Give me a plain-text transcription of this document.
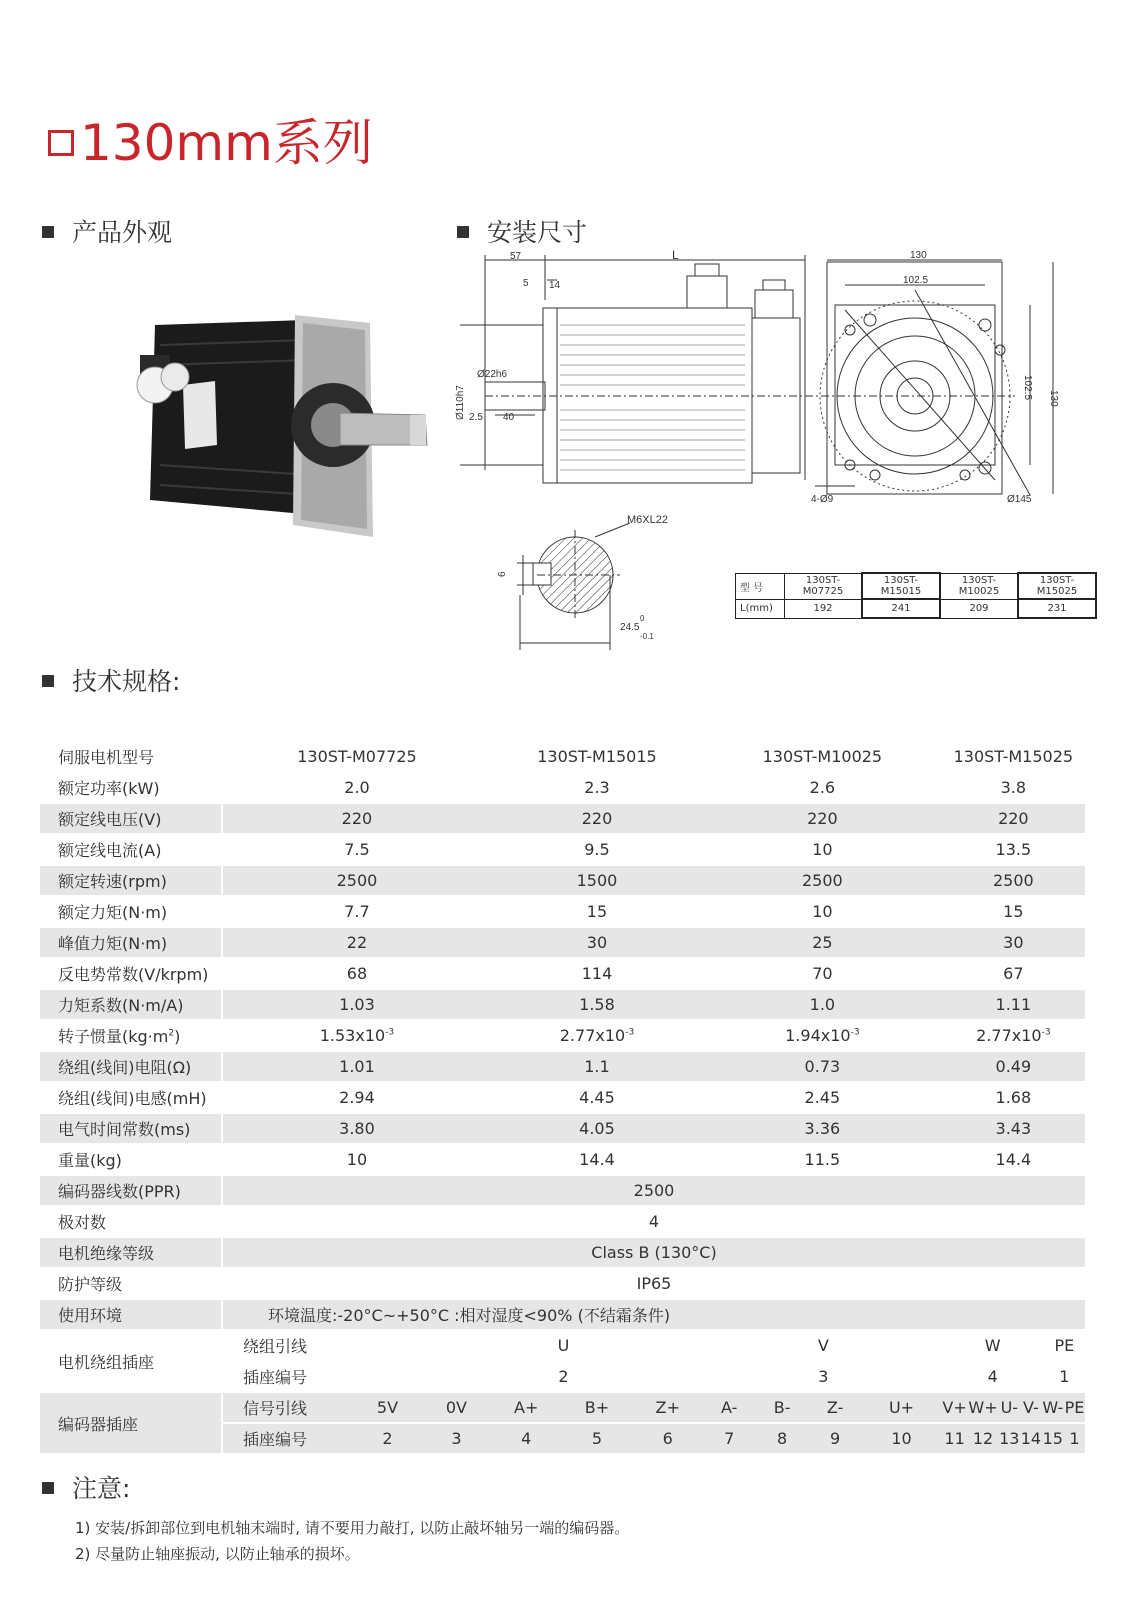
130mm系列
产品外观	安装尺寸
技术规格:
注意:
57	L
5 14
Ø110h7
Ø22h6
2.5 40
130
102.5
102.5 130
4-Ø9	Ø145
M6XL22
6
24.5
0
-0.1
型 号	130ST-M07725	130ST-M15015	130ST-M10025	130ST-M15025
L(mm)	192	241	209	231
伺服电机型号	130ST-M07725			130ST-M15015			130ST-M10025				130ST-M15025					
额定功率(kW)	2.0			2.3			2.6				3.8					
额定线电压(V)	220			220			220				220					
额定线电流(A)	7.5			9.5			10				13.5					
额定转速(rpm)	2500			1500			2500				2500					
额定力矩(N·m)	7.7			15			10				15					
峰值力矩(N·m)	22			30			25				30					
反电势常数(V/krpm)	68			114			70				67					
力矩系数(N·m/A)	1.03			1.58			1.0				1.11					
转子惯量$(kg\cdot m^2)$	$1.53x10^{-3}$			$2.77x10^{-3}$			$1.94x10^{-3}$				$2.77x10^{-3}$
绕组(线间)电阻(Ω)	1.01			1.1			0.73				0.49					
绕组(线间)电感(mH)	2.94			4.45			2.45				1.68					
电气时间常数(ms)	3.80			4.05			3.36				3.43					
重量(kg)	10			14.4			11.5				14.4					
编码器线数(PPR)	2500															
极对数	4															
电机绝缘等级	Class B (130°C)															
防护等级	IP65															
使用环境	环境温度:-20°C~+50°C :相对湿度<90% (不结霜条件)															
电机绕组插座	绕组引线		U				V				W				PE	
	插座编号		2				3				4				1	
编码器插座	信号引线	5V	0V	A+	B+	Z+	A-	B-	Z-	U+	V+	W+	U-	V-	W-	PE
	插座编号	2	3	4	5	6	7	8	9	10	11	12	13	14	15	1
1) 安装/拆卸部位到电机轴末端时, 请不要用力敲打, 以防止敲坏轴另一端的编码器。
2) 尽量防止轴座振动, 以防止轴承的损坏。
